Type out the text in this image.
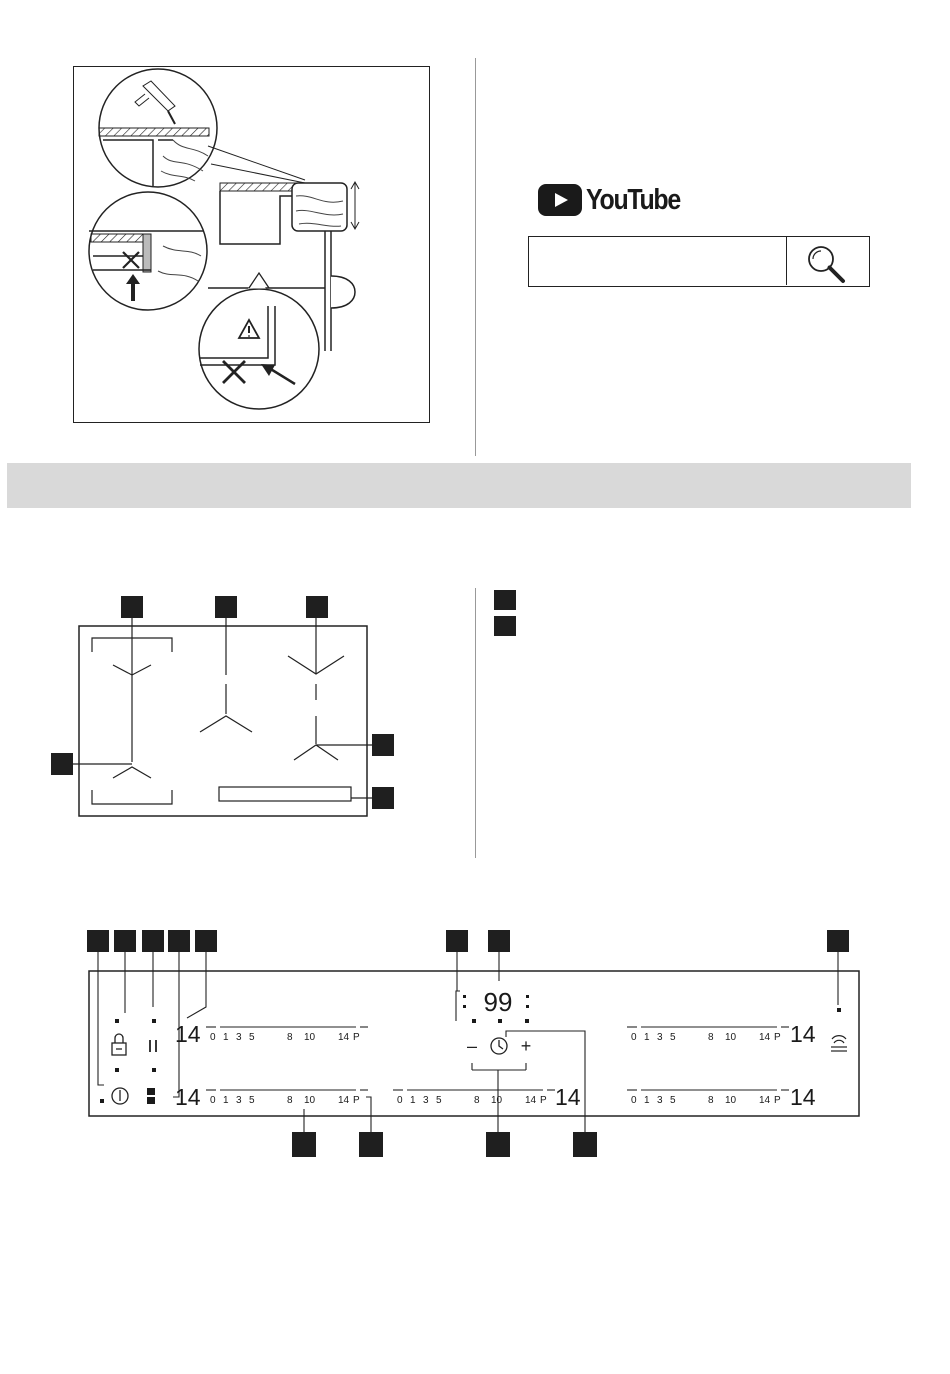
YouTube
– +
99
0 1 3 5	8 10 14 P
14
0 1 3 5	8 10 14 P
14	0 1 3 5	8 10 14 P 14
0 1 3 5	8 10 14 P 14
0 1 3 5	8 10 14 P 14
